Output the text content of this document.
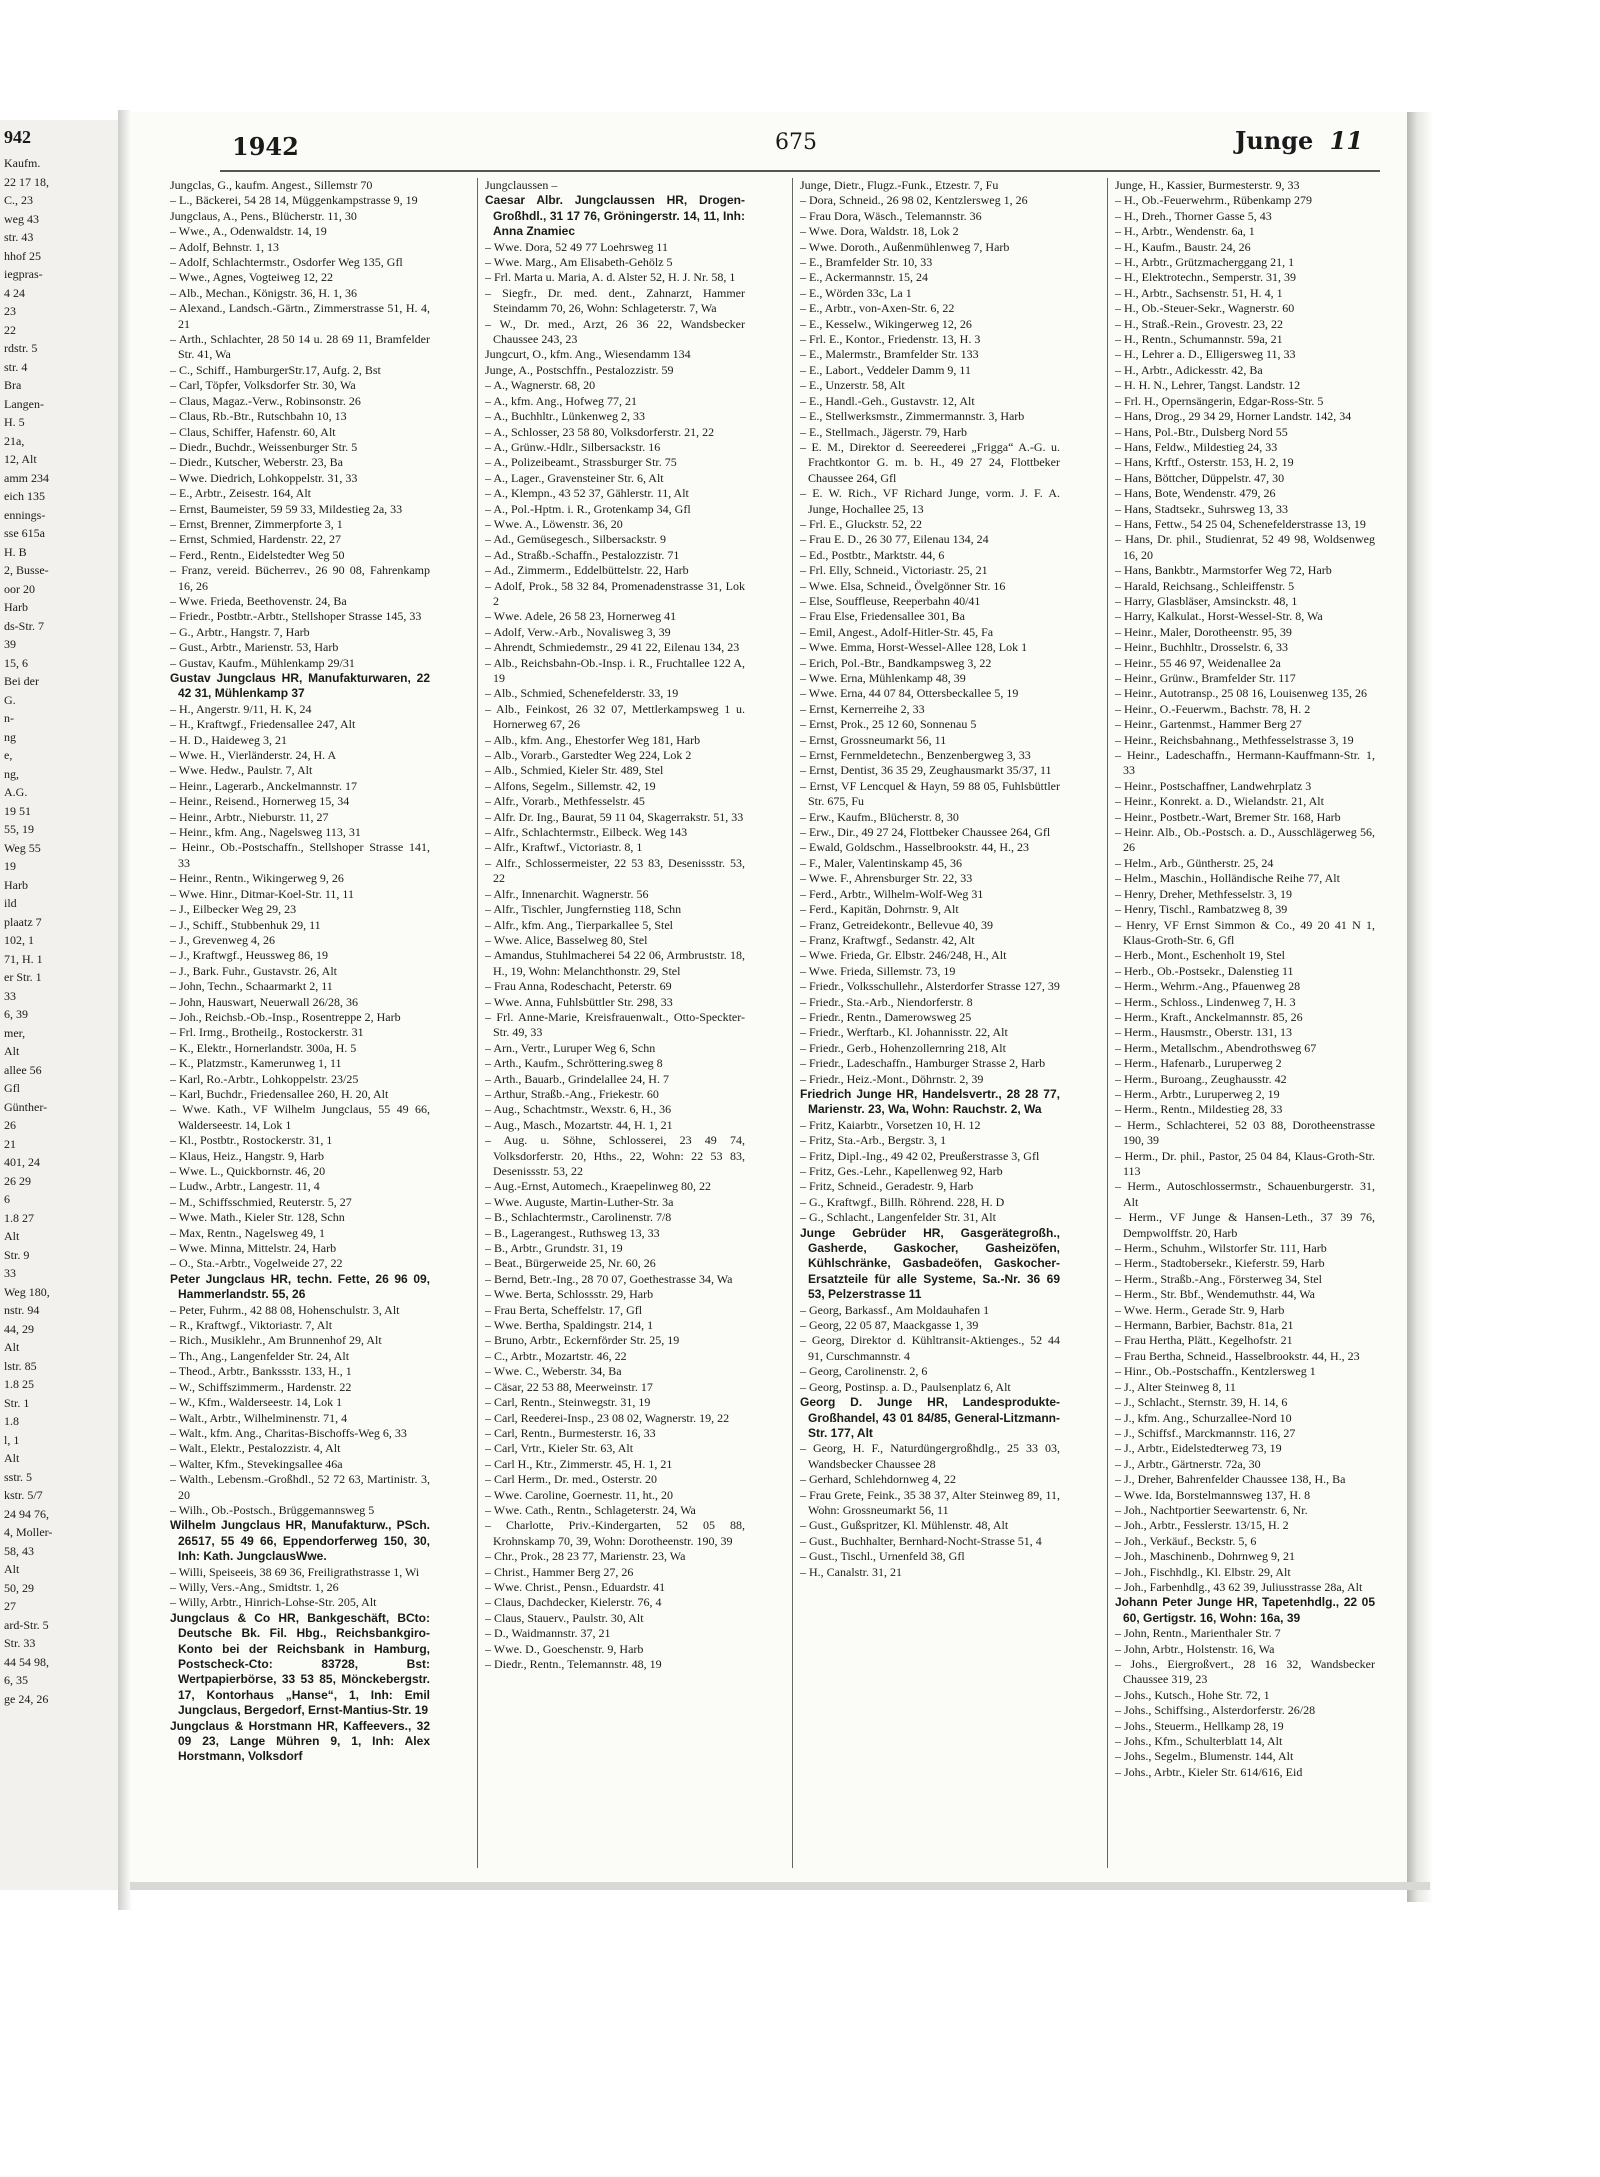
942
Kaufm.
22 17 18,
C., 23
weg 43
str. 43
hhof 25
iegpras-
4 24
23
22
rdstr. 5
str. 4
Bra
Langen-
H. 5
21a,
12, Alt
amm 234
eich 135
ennings-
sse 615a
H. B
2, Busse-
oor 20
Harb
ds-Str. 7
39
15, 6
Bei der
G.
n-
ng
e,
ng,
A.G.
19 51
55, 19
Weg 55
19
Harb
ild
plaatz 7
102, 1
71, H. 1
er Str. 1
33
6, 39
mer,
Alt
allee 56
Gfl
Günther-
26
21
401, 24
26 29
6
1.8 27
Alt
Str. 9
33
Weg 180,
nstr. 94
44, 29
Alt
lstr. 85
1.8 25
Str. 1
1.8
l, 1
Alt
sstr. 5
kstr. 5/7
24 94 76,
4, Moller-
58, 43
Alt
50, 29
27
ard-Str. 5
Str. 33
44 54 98,
6, 35
ge 24, 26
1942	675	Junge 11
Jungclas, G., kaufm. Angest., Sillemstr 70
– L., Bäckerei, 54 28 14, Müggenkampstrasse 9, 19
Jungclaus, A., Pens., Blücherstr. 11, 30
– Wwe., A., Odenwaldstr. 14, 19
– Adolf, Behnstr. 1, 13
– Adolf, Schlachtermstr., Osdorfer Weg 135, Gfl
– Wwe., Agnes, Vogteiweg 12, 22
– Alb., Mechan., Königstr. 36, H. 1, 36
– Alexand., Landsch.-Gärtn., Zimmerstrasse 51, H. 4, 21
– Arth., Schlachter, 28 50 14 u. 28 69 11, Bramfelder Str. 41, Wa
– C., Schiff., HamburgerStr.17, Aufg. 2, Bst
– Carl, Töpfer, Volksdorfer Str. 30, Wa
– Claus, Magaz.-Verw., Robinsonstr. 26
– Claus, Rb.-Btr., Rutschbahn 10, 13
– Claus, Schiffer, Hafenstr. 60, Alt
– Diedr., Buchdr., Weissenburger Str. 5
– Diedr., Kutscher, Weberstr. 23, Ba
– Wwe. Diedrich, Lohkoppelstr. 31, 33
– E., Arbtr., Zeisestr. 164, Alt
– Ernst, Baumeister, 59 59 33, Mildestieg 2a, 33
– Ernst, Brenner, Zimmerpforte 3, 1
– Ernst, Schmied, Hardenstr. 22, 27
– Ferd., Rentn., Eidelstedter Weg 50
– Franz, vereid. Bücherrev., 26 90 08, Fahrenkamp 16, 26
– Wwe. Frieda, Beethovenstr. 24, Ba
– Friedr., Postbtr.-Arbtr., Stellshoper Strasse 145, 33
– G., Arbtr., Hangstr. 7, Harb
– Gust., Arbtr., Marienstr. 53, Harb
– Gustav, Kaufm., Mühlenkamp 29/31
Gustav Jungclaus HR, Manufakturwaren, 22 42 31, Mühlenkamp 37
– H., Angerstr. 9/11, H. K, 24
– H., Kraftwgf., Friedensallee 247, Alt
– H. D., Haideweg 3, 21
– Wwe. H., Vierländerstr. 24, H. A
– Wwe. Hedw., Paulstr. 7, Alt
– Heinr., Lagerarb., Anckelmannstr. 17
– Heinr., Reisend., Hornerweg 15, 34
– Heinr., Arbtr., Nieburstr. 11, 27
– Heinr., kfm. Ang., Nagelsweg 113, 31
– Heinr., Ob.-Postschaffn., Stellshoper Strasse 141, 33
– Heinr., Rentn., Wikingerweg 9, 26
– Wwe. Hinr., Ditmar-Koel-Str. 11, 11
– J., Eilbecker Weg 29, 23
– J., Schiff., Stubbenhuk 29, 11
– J., Grevenweg 4, 26
– J., Kraftwgf., Heussweg 86, 19
– J., Bark. Fuhr., Gustavstr. 26, Alt
– John, Techn., Schaarmarkt 2, 11
– John, Hauswart, Neuerwall 26/28, 36
– Joh., Reichsb.-Ob.-Insp., Rosentreppe 2, Harb
– Frl. Irmg., Brotheilg., Rostockerstr. 31
– K., Elektr., Hornerlandstr. 300a, H. 5
– K., Platzmstr., Kamerunweg 1, 11
– Karl, Ro.-Arbtr., Lohkoppelstr. 23/25
– Karl, Buchdr., Friedensallee 260, H. 20, Alt
– Wwe. Kath., VF Wilhelm Jungclaus, 55 49 66, Walderseestr. 14, Lok 1
– Kl., Postbtr., Rostockerstr. 31, 1
– Klaus, Heiz., Hangstr. 9, Harb
– Wwe. L., Quickbornstr. 46, 20
– Ludw., Arbtr., Langestr. 11, 4
– M., Schiffsschmied, Reuterstr. 5, 27
– Wwe. Math., Kieler Str. 128, Schn
– Max, Rentn., Nagelsweg 49, 1
– Wwe. Minna, Mittelstr. 24, Harb
– O., Sta.-Arbtr., Vogelweide 27, 22
Peter Jungclaus HR, techn. Fette, 26 96 09, Hammerlandstr. 55, 26
– Peter, Fuhrm., 42 88 08, Hohenschulstr. 3, Alt
– R., Kraftwgf., Viktoriastr. 7, Alt
– Rich., Musiklehr., Am Brunnenhof 29, Alt
– Th., Ang., Langenfelder Str. 24, Alt
– Theod., Arbtr., Bankssstr. 133, H., 1
– W., Schiffszimmerm., Hardenstr. 22
– W., Kfm., Walderseestr. 14, Lok 1
– Walt., Arbtr., Wilhelminenstr. 71, 4
– Walt., kfm. Ang., Charitas-Bischoffs-Weg 6, 33
– Walt., Elektr., Pestalozzistr. 4, Alt
– Walter, Kfm., Stevekingsallee 46a
– Walth., Lebensm.-Großhdl., 52 72 63, Martinistr. 3, 20
– Wilh., Ob.-Postsch., Brüggemannsweg 5
Wilhelm Jungclaus HR, Manufakturw., PSch. 26517, 55 49 66, Eppendorferweg 150, 30, Inh: Kath. JungclausWwe.
– Willi, Speiseeis, 38 69 36, Freiligrathstrasse 1, Wi
– Willy, Vers.-Ang., Smidtstr. 1, 26
– Willy, Arbtr., Hinrich-Lohse-Str. 205, Alt
Jungclaus & Co HR, Bankgeschäft, BCto: Deutsche Bk. Fil. Hbg., Reichsbankgiro-Konto bei der Reichsbank in Hamburg, Postscheck-Cto: 83728, Bst: Wertpapierbörse, 33 53 85, Mönckebergstr. 17, Kontorhaus „Hanse“, 1, Inh: Emil Jungclaus, Bergedorf, Ernst-Mantius-Str. 19
Jungclaus & Horstmann HR, Kaffeevers., 32 09 23, Lange Mühren 9, 1, Inh: Alex Horstmann, Volksdorf
Jungclaussen –
Caesar Albr. Jungclaussen HR, Drogen-Großhdl., 31 17 76, Gröningerstr. 14, 11, Inh: Anna Znamiec
– Wwe. Dora, 52 49 77 Loehrsweg 11
– Wwe. Marg., Am Elisabeth-Gehölz 5
– Frl. Marta u. Maria, A. d. Alster 52, H. J. Nr. 58, 1
– Siegfr., Dr. med. dent., Zahnarzt, Hammer Steindamm 70, 26, Wohn: Schlageterstr. 7, Wa
– W., Dr. med., Arzt, 26 36 22, Wandsbecker Chaussee 243, 23
Jungcurt, O., kfm. Ang., Wiesendamm 134
Junge, A., Postschffn., Pestalozzistr. 59
– A., Wagnerstr. 68, 20
– A., kfm. Ang., Hofweg 77, 21
– A., Buchhltr., Lünkenweg 2, 33
– A., Schlosser, 23 58 80, Volksdorferstr. 21, 22
– A., Grünw.-Hdlr., Silbersackstr. 16
– A., Polizeibeamt., Strassburger Str. 75
– A., Lager., Gravensteiner Str. 6, Alt
– A., Klempn., 43 52 37, Gählerstr. 11, Alt
– A., Pol.-Hptm. i. R., Grotenkamp 34, Gfl
– Wwe. A., Löwenstr. 36, 20
– Ad., Gemüsegesch., Silbersackstr. 9
– Ad., Straßb.-Schaffn., Pestalozzistr. 71
– Ad., Zimmerm., Eddelbüttelstr. 22, Harb
– Adolf, Prok., 58 32 84, Promenadenstrasse 31, Lok 2
– Wwe. Adele, 26 58 23, Hornerweg 41
– Adolf, Verw.-Arb., Novalisweg 3, 39
– Ahrendt, Schmiedemstr., 29 41 22, Eilenau 134, 23
– Alb., Reichsbahn-Ob.-Insp. i. R., Fruchtallee 122 A, 19
– Alb., Schmied, Schenefelderstr. 33, 19
– Alb., Feinkost, 26 32 07, Mettlerkampsweg 1 u. Hornerweg 67, 26
– Alb., kfm. Ang., Ehestorfer Weg 181, Harb
– Alb., Vorarb., Garstedter Weg 224, Lok 2
– Alb., Schmied, Kieler Str. 489, Stel
– Alfons, Segelm., Sillemstr. 42, 19
– Alfr., Vorarb., Methfesselstr. 45
– Alfr. Dr. Ing., Baurat, 59 11 04, Skagerrakstr. 51, 33
– Alfr., Schlachtermstr., Eilbeck. Weg 143
– Alfr., Kraftwf., Victoriastr. 8, 1
– Alfr., Schlossermeister, 22 53 83, Desenissstr. 53, 22
– Alfr., Innenarchit. Wagnerstr. 56
– Alfr., Tischler, Jungfernstieg 118, Schn
– Alfr., kfm. Ang., Tierparkallee 5, Stel
– Wwe. Alice, Basselweg 80, Stel
– Amandus, Stuhlmacherei 54 22 06, Armbruststr. 18, H., 19, Wohn: Melanchthonstr. 29, Stel
– Frau Anna, Rodeschacht, Peterstr. 69
– Wwe. Anna, Fuhlsbüttler Str. 298, 33
– Frl. Anne-Marie, Kreisfrauenwalt., Otto-Speckter-Str. 49, 33
– Arn., Vertr., Luruper Weg 6, Schn
– Arth., Kaufm., Schröttering.sweg 8
– Arth., Bauarb., Grindelallee 24, H. 7
– Arthur, Straßb.-Ang., Friekestr. 60
– Aug., Schachtmstr., Wexstr. 6, H., 36
– Aug., Masch., Mozartstr. 44, H. 1, 21
– Aug. u. Söhne, Schlosserei, 23 49 74, Volksdorferstr. 20, Hths., 22, Wohn: 22 53 83, Desenissstr. 53, 22
– Aug.-Ernst, Automech., Kraepelinweg 80, 22
– Wwe. Auguste, Martin-Luther-Str. 3a
– B., Schlachtermstr., Carolinenstr. 7/8
– B., Lagerangest., Ruthsweg 13, 33
– B., Arbtr., Grundstr. 31, 19
– Beat., Bürgerweide 25, Nr. 60, 26
– Bernd, Betr.-Ing., 28 70 07, Goethestrasse 34, Wa
– Wwe. Berta, Schlossstr. 29, Harb
– Frau Berta, Scheffelstr. 17, Gfl
– Wwe. Bertha, Spaldingstr. 214, 1
– Bruno, Arbtr., Eckernförder Str. 25, 19
– C., Arbtr., Mozartstr. 46, 22
– Wwe. C., Weberstr. 34, Ba
– Cäsar, 22 53 88, Meerweinstr. 17
– Carl, Rentn., Steinwegstr. 31, 19
– Carl, Reederei-Insp., 23 08 02, Wagnerstr. 19, 22
– Carl, Rentn., Burmesterstr. 16, 33
– Carl, Vrtr., Kieler Str. 63, Alt
– Carl H., Ktr., Zimmerstr. 45, H. 1, 21
– Carl Herm., Dr. med., Osterstr. 20
– Wwe. Caroline, Goernestr. 11, ht., 20
– Wwe. Cath., Rentn., Schlageterstr. 24, Wa
– Charlotte, Priv.-Kindergarten, 52 05 88, Krohnskamp 70, 39, Wohn: Dorotheenstr. 190, 39
– Chr., Prok., 28 23 77, Marienstr. 23, Wa
– Christ., Hammer Berg 27, 26
– Wwe. Christ., Pensn., Eduardstr. 41
– Claus, Dachdecker, Kielerstr. 76, 4
– Claus, Stauerv., Paulstr. 30, Alt
– D., Waidmannstr. 37, 21
– Wwe. D., Goeschenstr. 9, Harb
– Diedr., Rentn., Telemannstr. 48, 19
Junge, Dietr., Flugz.-Funk., Etzestr. 7, Fu
– Dora, Schneid., 26 98 02, Kentzlersweg 1, 26
– Frau Dora, Wäsch., Telemannstr. 36
– Wwe. Dora, Waldstr. 18, Lok 2
– Wwe. Doroth., Außenmühlenweg 7, Harb
– E., Bramfelder Str. 10, 33
– E., Ackermannstr. 15, 24
– E., Wörden 33c, La 1
– E., Arbtr., von-Axen-Str. 6, 22
– E., Kesselw., Wikingerweg 12, 26
– Frl. E., Kontor., Friedenstr. 13, H. 3
– E., Malermstr., Bramfelder Str. 133
– E., Labort., Veddeler Damm 9, 11
– E., Unzerstr. 58, Alt
– E., Handl.-Geh., Gustavstr. 12, Alt
– E., Stellwerksmstr., Zimmermannstr. 3, Harb
– E., Stellmach., Jägerstr. 79, Harb
– E. M., Direktor d. Seereederei „Frigga“ A.-G. u. Frachtkontor G. m. b. H., 49 27 24, Flottbeker Chaussee 264, Gfl
– E. W. Rich., VF Richard Junge, vorm. J. F. A. Junge, Hochallee 25, 13
– Frl. E., Gluckstr. 52, 22
– Frau E. D., 26 30 77, Eilenau 134, 24
– Ed., Postbtr., Marktstr. 44, 6
– Frl. Elly, Schneid., Victoriastr. 25, 21
– Wwe. Elsa, Schneid., Övelgönner Str. 16
– Else, Souffleuse, Reeperbahn 40/41
– Frau Else, Friedensallee 301, Ba
– Emil, Angest., Adolf-Hitler-Str. 45, Fa
– Wwe. Emma, Horst-Wessel-Allee 128, Lok 1
– Erich, Pol.-Btr., Bandkampsweg 3, 22
– Wwe. Erna, Mühlenkamp 48, 39
– Wwe. Erna, 44 07 84, Ottersbeckallee 5, 19
– Ernst, Kernerreihe 2, 33
– Ernst, Prok., 25 12 60, Sonnenau 5
– Ernst, Grossneumarkt 56, 11
– Ernst, Fernmeldetechn., Benzenbergweg 3, 33
– Ernst, Dentist, 36 35 29, Zeughausmarkt 35/37, 11
– Ernst, VF Lencquel & Hayn, 59 88 05, Fuhlsbüttler Str. 675, Fu
– Erw., Kaufm., Blücherstr. 8, 30
– Erw., Dir., 49 27 24, Flottbeker Chaussee 264, Gfl
– Ewald, Goldschm., Hasselbrookstr. 44, H., 23
– F., Maler, Valentinskamp 45, 36
– Wwe. F., Ahrensburger Str. 22, 33
– Ferd., Arbtr., Wilhelm-Wolf-Weg 31
– Ferd., Kapitän, Dohrnstr. 9, Alt
– Franz, Getreidekontr., Bellevue 40, 39
– Franz, Kraftwgf., Sedanstr. 42, Alt
– Wwe. Frieda, Gr. Elbstr. 246/248, H., Alt
– Wwe. Frieda, Sillemstr. 73, 19
– Friedr., Volksschullehr., Alsterdorfer Strasse 127, 39
– Friedr., Sta.-Arb., Niendorferstr. 8
– Friedr., Rentn., Damerowsweg 25
– Friedr., Werftarb., Kl. Johannisstr. 22, Alt
– Friedr., Gerb., Hohenzollernring 218, Alt
– Friedr., Ladeschaffn., Hamburger Strasse 2, Harb
– Friedr., Heiz.-Mont., Döhrnstr. 2, 39
Friedrich Junge HR, Handelsvertr., 28 28 77, Marienstr. 23, Wa, Wohn: Rauchstr. 2, Wa
– Fritz, Kaiarbtr., Vorsetzen 10, H. 12
– Fritz, Sta.-Arb., Bergstr. 3, 1
– Fritz, Dipl.-Ing., 49 42 02, Preußerstrasse 3, Gfl
– Fritz, Ges.-Lehr., Kapellenweg 92, Harb
– Fritz, Schneid., Geradestr. 9, Harb
– G., Kraftwgf., Billh. Röhrend. 228, H. D
– G., Schlacht., Langenfelder Str. 31, Alt
Junge Gebrüder HR, Gasgerätegroßh., Gasherde, Gaskocher, Gasheizöfen, Kühlschränke, Gasbadeöfen, Gaskocher-Ersatzteile für alle Systeme, Sa.-Nr. 36 69 53, Pelzerstrasse 11
– Georg, Barkassf., Am Moldauhafen 1
– Georg, 22 05 87, Maackgasse 1, 39
– Georg, Direktor d. Kühltransit-Aktienges., 52 44 91, Curschmannstr. 4
– Georg, Carolinenstr. 2, 6
– Georg, Postinsp. a. D., Paulsenplatz 6, Alt
Georg D. Junge HR, Landesprodukte-Großhandel, 43 01 84/85, General-Litzmann-Str. 177, Alt
– Georg, H. F., Naturdüngergroßhdlg., 25 33 03, Wandsbecker Chaussee 28
– Gerhard, Schlehdornweg 4, 22
– Frau Grete, Feink., 35 38 37, Alter Steinweg 89, 11, Wohn: Grossneumarkt 56, 11
– Gust., Gußspritzer, Kl. Mühlenstr. 48, Alt
– Gust., Buchhalter, Bernhard-Nocht-Strasse 51, 4
– Gust., Tischl., Urnenfeld 38, Gfl
– H., Canalstr. 31, 21
Junge, H., Kassier, Burmesterstr. 9, 33
– H., Ob.-Feuerwehrm., Rübenkamp 279
– H., Dreh., Thorner Gasse 5, 43
– H., Arbtr., Wendenstr. 6a, 1
– H., Kaufm., Baustr. 24, 26
– H., Arbtr., Grützmacherggang 21, 1
– H., Elektrotechn., Semperstr. 31, 39
– H., Arbtr., Sachsenstr. 51, H. 4, 1
– H., Ob.-Steuer-Sekr., Wagnerstr. 60
– H., Straß.-Rein., Grovestr. 23, 22
– H., Rentn., Schumannstr. 59a, 21
– H., Lehrer a. D., Elligersweg 11, 33
– H., Arbtr., Adickesstr. 42, Ba
– H. H. N., Lehrer, Tangst. Landstr. 12
– Frl. H., Opernsängerin, Edgar-Ross-Str. 5
– Hans, Drog., 29 34 29, Horner Landstr. 142, 34
– Hans, Pol.-Btr., Dulsberg Nord 55
– Hans, Feldw., Mildestieg 24, 33
– Hans, Krftf., Osterstr. 153, H. 2, 19
– Hans, Böttcher, Düppelstr. 47, 30
– Hans, Bote, Wendenstr. 479, 26
– Hans, Stadtsekr., Suhrsweg 13, 33
– Hans, Fettw., 54 25 04, Schenefelderstrasse 13, 19
– Hans, Dr. phil., Studienrat, 52 49 98, Woldsenweg 16, 20
– Hans, Bankbtr., Marmstorfer Weg 72, Harb
– Harald, Reichsang., Schleiffenstr. 5
– Harry, Glasbläser, Amsinckstr. 48, 1
– Harry, Kalkulat., Horst-Wessel-Str. 8, Wa
– Heinr., Maler, Dorotheenstr. 95, 39
– Heinr., Buchhltr., Drosselstr. 6, 33
– Heinr., 55 46 97, Weidenallee 2a
– Heinr., Grünw., Bramfelder Str. 117
– Heinr., Autotransp., 25 08 16, Louisenweg 135, 26
– Heinr., O.-Feuerwm., Bachstr. 78, H. 2
– Heinr., Gartenmst., Hammer Berg 27
– Heinr., Reichsbahnang., Methfesselstrasse 3, 19
– Heinr., Ladeschaffn., Hermann-Kauffmann-Str. 1, 33
– Heinr., Postschaffner, Landwehrplatz 3
– Heinr., Konrekt. a. D., Wielandstr. 21, Alt
– Heinr., Postbetr.-Wart, Bremer Str. 168, Harb
– Heinr. Alb., Ob.-Postsch. a. D., Ausschlägerweg 56, 26
– Helm., Arb., Güntherstr. 25, 24
– Helm., Maschin., Holländische Reihe 77, Alt
– Henry, Dreher, Methfesselstr. 3, 19
– Henry, Tischl., Rambatzweg 8, 39
– Henry, VF Ernst Simmon & Co., 49 20 41 N 1, Klaus-Groth-Str. 6, Gfl
– Herb., Mont., Eschenholt 19, Stel
– Herb., Ob.-Postsekr., Dalenstieg 11
– Herm., Wehrm.-Ang., Pfauenweg 28
– Herm., Schloss., Lindenweg 7, H. 3
– Herm., Kraft., Anckelmannstr. 85, 26
– Herm., Hausmstr., Oberstr. 131, 13
– Herm., Metallschm., Abendrothsweg 67
– Herm., Hafenarb., Luruperweg 2
– Herm., Buroang., Zeughausstr. 42
– Herm., Arbtr., Luruperweg 2, 19
– Herm., Rentn., Mildestieg 28, 33
– Herm., Schlachterei, 52 03 88, Dorotheenstrasse 190, 39
– Herm., Dr. phil., Pastor, 25 04 84, Klaus-Groth-Str. 113
– Herm., Autoschlossermstr., Schauenburgerstr. 31, Alt
– Herm., VF Junge & Hansen-Leth., 37 39 76, Dempwolffstr. 20, Harb
– Herm., Schuhm., Wilstorfer Str. 111, Harb
– Herm., Stadtobersekr., Kieferstr. 59, Harb
– Herm., Straßb.-Ang., Försterweg 34, Stel
– Herm., Str. Bbf., Wendemuthstr. 44, Wa
– Wwe. Herm., Gerade Str. 9, Harb
– Hermann, Barbier, Bachstr. 81a, 21
– Frau Hertha, Plätt., Kegelhofstr. 21
– Frau Bertha, Schneid., Hasselbrookstr. 44, H., 23
– Hinr., Ob.-Postschaffn., Kentzlersweg 1
– J., Alter Steinweg 8, 11
– J., Schlacht., Sternstr. 39, H. 14, 6
– J., kfm. Ang., Schurzallee-Nord 10
– J., Schiffsf., Marckmannstr. 116, 27
– J., Arbtr., Eidelstedterweg 73, 19
– J., Arbtr., Gärtnerstr. 72a, 30
– J., Dreher, Bahrenfelder Chaussee 138, H., Ba
– Wwe. Ida, Borstelmannsweg 137, H. 8
– Joh., Nachtportier Seewartenstr. 6, Nr.
– Joh., Arbtr., Fesslerstr. 13/15, H. 2
– Joh., Verkäuf., Beckstr. 5, 6
– Joh., Maschinenb., Dohrnweg 9, 21
– Joh., Fischhdlg., Kl. Elbstr. 29, Alt
– Joh., Farbenhdlg., 43 62 39, Juliusstrasse 28a, Alt
Johann Peter Junge HR, Tapetenhdlg., 22 05 60, Gertigstr. 16, Wohn: 16a, 39
– John, Rentn., Marienthaler Str. 7
– John, Arbtr., Holstenstr. 16, Wa
– Johs., Eiergroßvert., 28 16 32, Wandsbecker Chaussee 319, 23
– Johs., Kutsch., Hohe Str. 72, 1
– Johs., Schiffsing., Alsterdorferstr. 26/28
– Johs., Steuerm., Hellkamp 28, 19
– Johs., Kfm., Schulterblatt 14, Alt
– Johs., Segelm., Blumenstr. 144, Alt
– Johs., Arbtr., Kieler Str. 614/616, Eid
